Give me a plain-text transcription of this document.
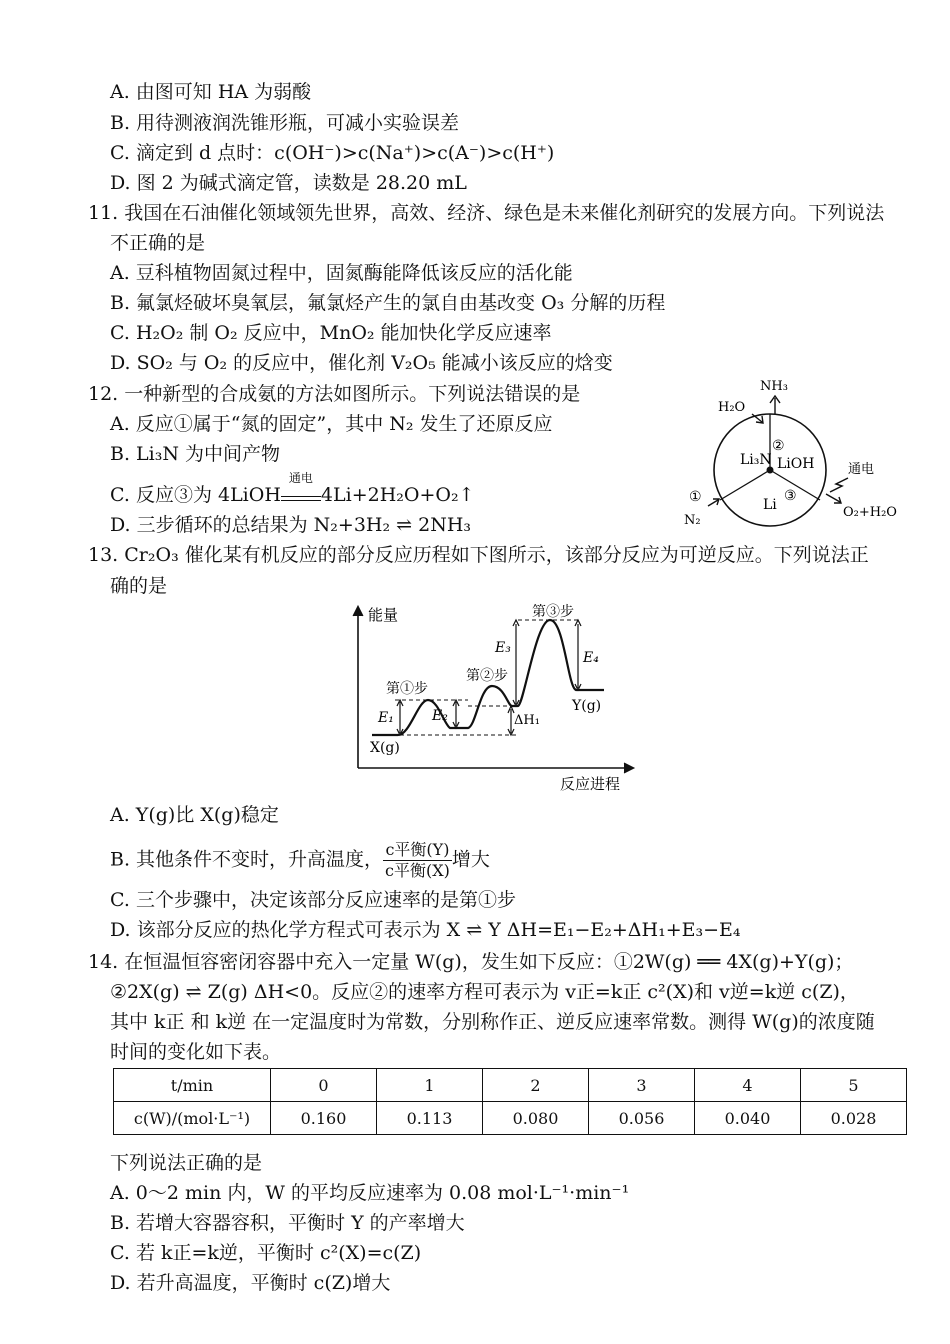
A. 由图可知 HA 为弱酸
B. 用待测液润洗锥形瓶，可减小实验误差
C. 滴定到 d 点时：c(OH⁻)>c(Na⁺)>c(A⁻)>c(H⁺)
D. 图 2 为碱式滴定管，读数是 28.20 mL
11. 我国在石油催化领域领先世界，高效、经济、绿色是未来催化剂研究的发展方向。下列说法
不正确的是
A. 豆科植物固氮过程中，固氮酶能降低该反应的活化能
B. 氟氯烃破坏臭氧层，氟氯烃产生的氯自由基改变 O₃ 分解的历程
C. H₂O₂ 制 O₂ 反应中，MnO₂ 能加快化学反应速率
D. SO₂ 与 O₂ 的反应中，催化剂 V₂O₅ 能减小该反应的焓变
12. 一种新型的合成氨的方法如图所示。下列说法错误的是
A. 反应①属于“氮的固定”，其中 N₂ 发生了还原反应
B. Li₃N 为中间产物
C. 反应③为 4LiOH
通电
4Li+2H₂O+O₂↑
D. 三步循环的总结果为 N₂+3H₂ ⇌ 2NH₃
Li₃N LiOH
Li
NH₃
H₂O
②
①
N₂
③
O₂+H₂O
通电
13. Cr₂O₃ 催化某有机反应的部分反应历程如下图所示，该部分反应为可逆反应。下列说法正
确的是
能量
反应进程
第①步
第②步
第③步
E₁	E₂	ΔH₁
E₃
E₄
X(g)
Y(g)
A. Y(g)比 X(g)稳定
B. 其他条件不变时，升高温度， $\frac{\text{c平衡(Y)}}{\text{c平衡(X)}}$ 增大
C. 三个步骤中，决定该部分反应速率的是第①步
D. 该部分反应的热化学方程式可表示为 X ⇌ Y ΔH=E₁−E₂+ΔH₁+E₃−E₄
14. 在恒温恒容密闭容器中充入一定量 W(g)，发生如下反应：①2W(g) ══ 4X(g)+Y(g)；
②2X(g) ⇌ Z(g) ΔH<0。反应②的速率方程可表示为 v正=k正 c²(X)和 v逆=k逆 c(Z)，
其中 k正 和 k逆 在一定温度时为常数，分别称作正、逆反应速率常数。测得 W(g)的浓度随
时间的变化如下表。
t/min	0	1	2	3	4	5
c(W)/(mol·L⁻¹)	0.160	0.113	0.080	0.056	0.040	0.028
下列说法正确的是
A. 0～2 min 内，W 的平均反应速率为 0.08 mol·L⁻¹·min⁻¹
B. 若增大容器容积，平衡时 Y 的产率增大
C. 若 k正=k逆，平衡时 c²(X)=c(Z)
D. 若升高温度，平衡时 c(Z)增大
